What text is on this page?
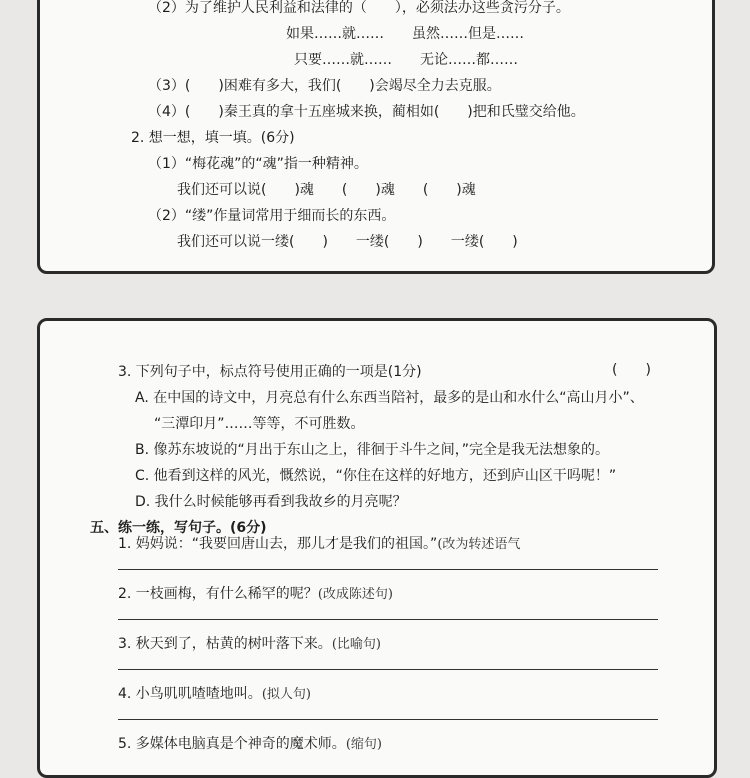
（2）为了维护人民利益和法律的（　　），必须法办这些贪污分子。
如果……就……　　虽然……但是……
只要……就……　　无论……都……
（3）(　　)困难有多大，我们(　　)会竭尽全力去克服。
（4）(　　)秦王真的拿十五座城来换，蔺相如(　　)把和氏璧交给他。
2. 想一想，填一填。(6分)
（1）“梅花魂”的“魂”指一种精神。
我们还可以说(　　)魂　　(　　)魂　　(　　)魂
（2）“缕”作量词常用于细而长的东西。
我们还可以说一缕(　　)　　一缕(　　)　　一缕(　　)
3. 下列句子中，标点符号使用正确的一项是(1分)	(　　)
A. 在中国的诗文中，月亮总有什么东西当陪衬，最多的是山和水什么“高山月小”、
“三潭印月”……等等，不可胜数。
B. 像苏东坡说的“月出于东山之上，徘徊于斗牛之间，”完全是我无法想象的。
C. 他看到这样的风光，慨然说，“你住在这样的好地方，还到庐山区干吗呢！”
D. 我什么时候能够再看到我故乡的月亮呢？
五、练一练，写句子。(6分)
1. 妈妈说：“我要回唐山去，那儿才是我们的祖国。”(改为转述语气
2. 一枝画梅，有什么稀罕的呢？(改成陈述句)
3. 秋天到了，枯黄的树叶落下来。(比喻句)
4. 小鸟叽叽喳喳地叫。(拟人句)
5. 多媒体电脑真是个神奇的魔术师。(缩句)
